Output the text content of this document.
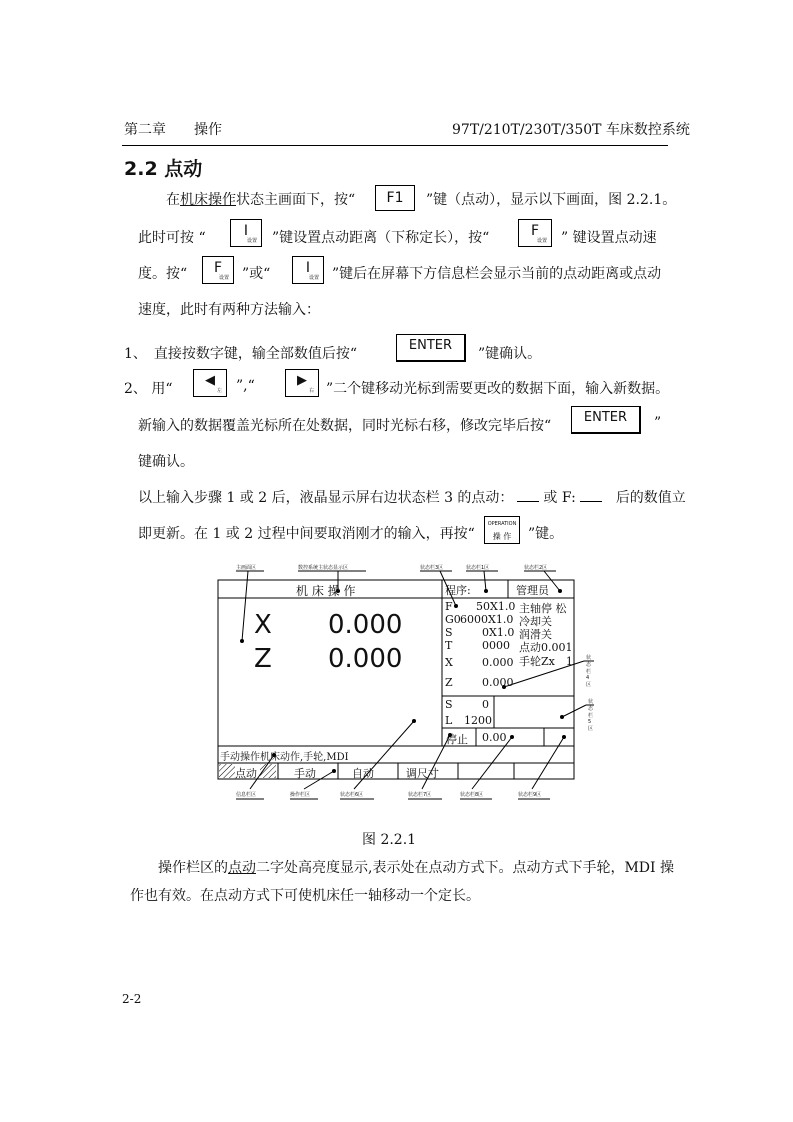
第二章　　操作	97T/210T/230T/350T 车床数控系统
2.2 点动
在机床操作状态主画面下，按“	F1	”键（点动），显示以下画面，图 2.2.1。
此时可按 “	I
设置 ”键设置点动距离（下称定长），按“	F
设置 ” 键设置点动速
度。按“	F
设置 ”或“	I
设置 ”键后在屏幕下方信息栏会显示当前的点动距离或点动
速度，此时有两种方法输入：
1、　直接按数字键，输全部数值后按“
ENTER
”键确认。
2、 用“
◀
左 ”,“	▶
右 ”二个键移动光标到需要更改的数据下面，输入新数据。
新输入的数据覆盖光标所在处数据，同时光标右移，修改完毕后按“
ENTER	”
键确认。
以上输入步骤 1 或 2 后，液晶显示屏右边状态栏 3 的点动： 或 F:	后的数值立
即更新。在 1 或 2 过程中间要取消刚才的输入，再按“
OPERATION
操 作	”键。
主画面区	数控系统主状态显示区	状态栏3区	状态栏1区	状态栏2区
状态栏4区
状态栏5区
信息栏区	操作栏区	状态栏6区	状态栏7区	状态栏8区	状态栏9区
机 床 操 作	程序:	管理员
X 0.000
Z 0.000
F 50X1.0 主轴停 松
G0 6000X1.0 冷却关
S	0X1.0 润滑关
T	0000 点动0.001
X	0.000 手轮Zx　1
Z	0.000
S	0
L 1200
停止 0.00
手动操作机床动作,手轮,MDI
点动	手动	自动	调尺寸
图 2.2.1
操作栏区的点动二字处高亮度显示,表示处在点动方式下。点动方式下手轮，MDI 操
作也有效。在点动方式下可使机床任一轴移动一个定长。
2-2
